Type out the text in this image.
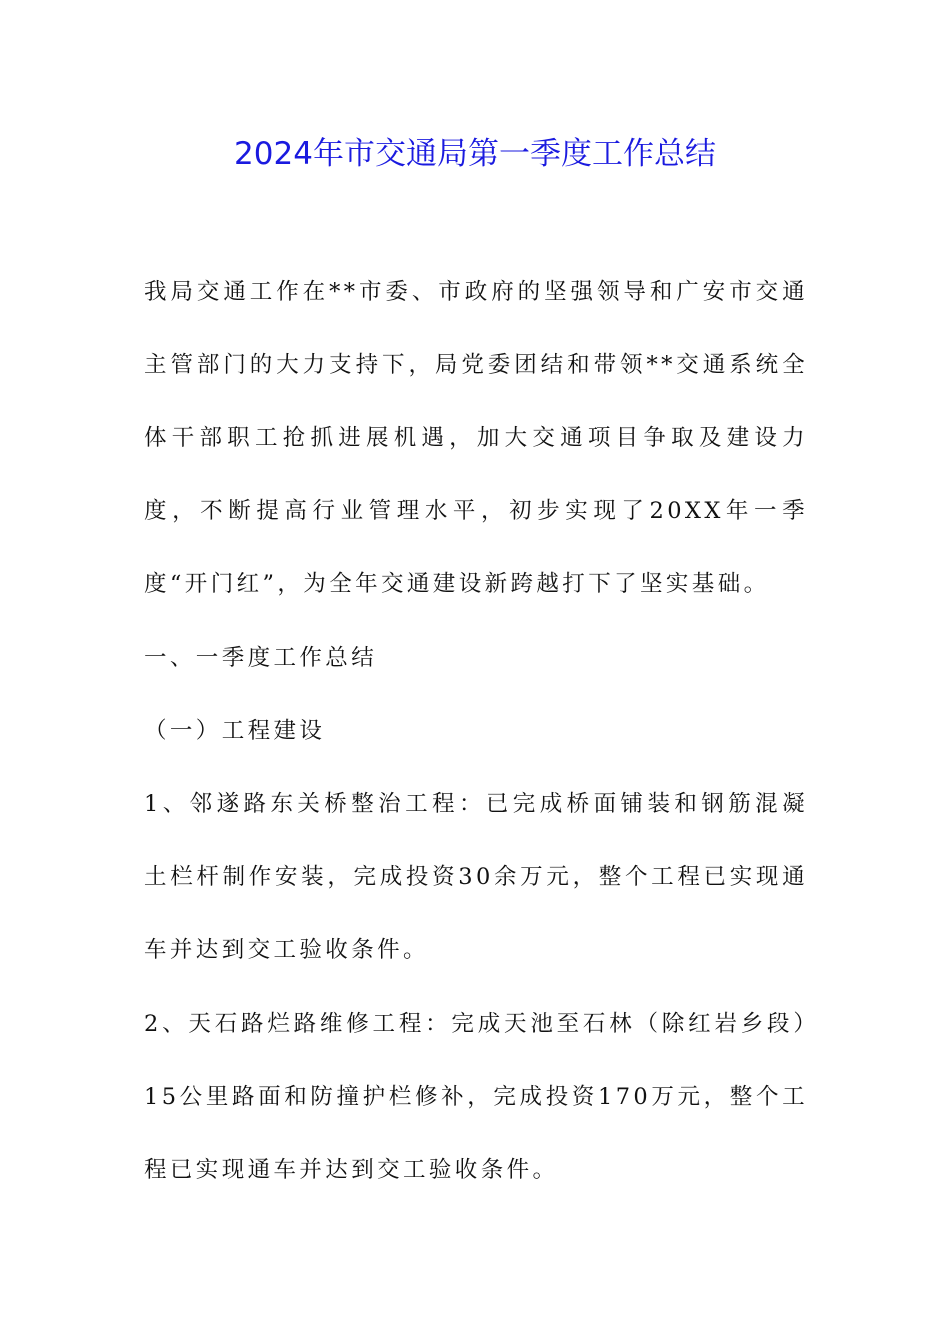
2024年市交通局第一季度工作总结

我局交通工作在**市委、市政府的坚强领导和广安市交通主管部门的大力支持下，局党委团结和带领**交通系统全体干部职工抢抓进展机遇，加大交通项目争取及建设力度，不断提高行业管理水平，初步实现了20XX年一季度“开门红”，为全年交通建设新跨越打下了坚实基础。

一、一季度工作总结

（一）工程建设

1、邻遂路东关桥整治工程：已完成桥面铺装和钢筋混凝土栏杆制作安装，完成投资30余万元，整个工程已实现通车并达到交工验收条件。

2、天石路烂路维修工程：完成天池至石林（除红岩乡段）15公里路面和防撞护栏修补，完成投资170万元，整个工程已实现通车并达到交工验收条件。
